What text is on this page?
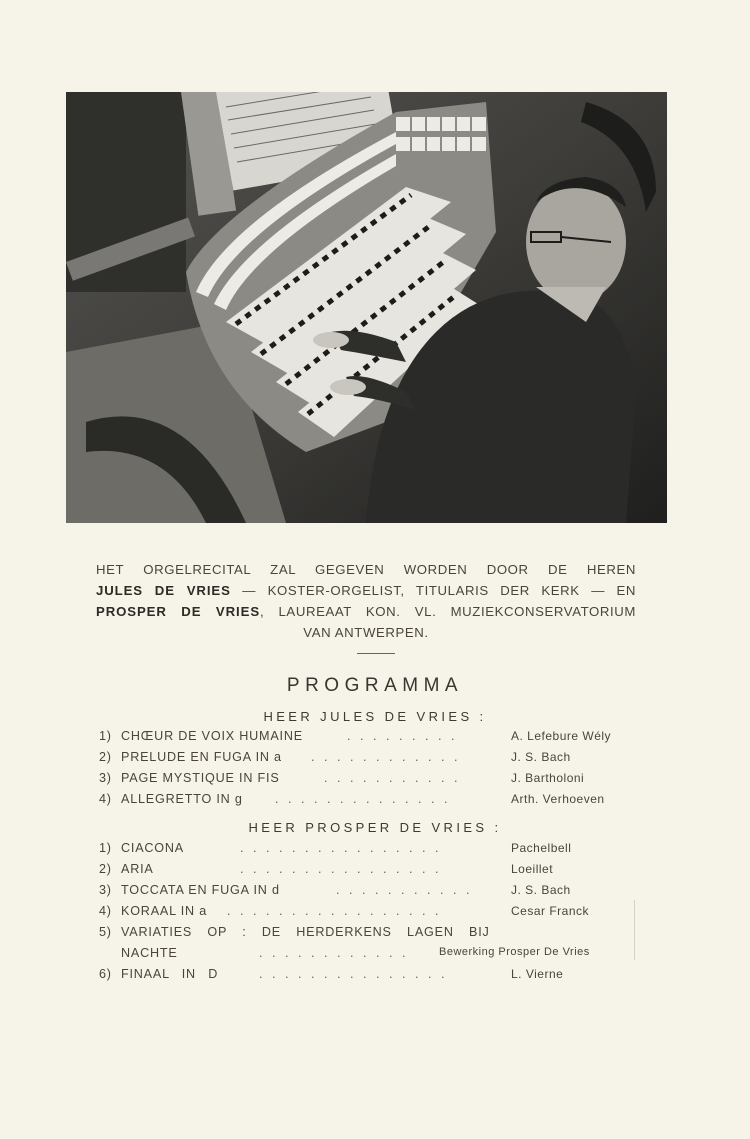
HET ORGELRECITAL ZAL GEGEVEN WORDEN DOOR DE HEREN
JULES DE VRIES — KOSTER-ORGELIST, TITULARIS DER KERK — EN
PROSPER DE VRIES, LAUREAAT KON. VL. MUZIEKCONSERVATORIUM
VAN ANTWERPEN.
PROGRAMMA
HEER JULES DE VRIES :
1) CHŒUR DE VOIX HUMAINE	. . . . . . . . .	A. Lefebure Wély
2) PRELUDE EN FUGA IN a . . . . . . . . . . . .	J. S. Bach
3) PAGE MYSTIQUE IN FIS	. . . . . . . . . . .	J. Bartholoni
4) ALLEGRETTO IN g	. . . . . . . . . . . . . .	Arth. Verhoeven
HEER PROSPER DE VRIES :
1) CIACONA	. . . . . . . . . . . . . . . .	Pachelbell
2) ARIA	. . . . . . . . . . . . . . . .	Loeillet
3) TOCCATA EN FUGA IN d	. . . . . . . . . . .	J. S. Bach
4) KORAAL IN a . . . . . . . . . . . . . . . . .	Cesar Franck
5) VARIATIES OP : DE HERDERKENS LAGEN BIJ
NACHTE	. . . . . . . . . . . .	Bewerking Prosper De Vries
6) FINAAL IN D	. . . . . . . . . . . . . . .	L. Vierne
